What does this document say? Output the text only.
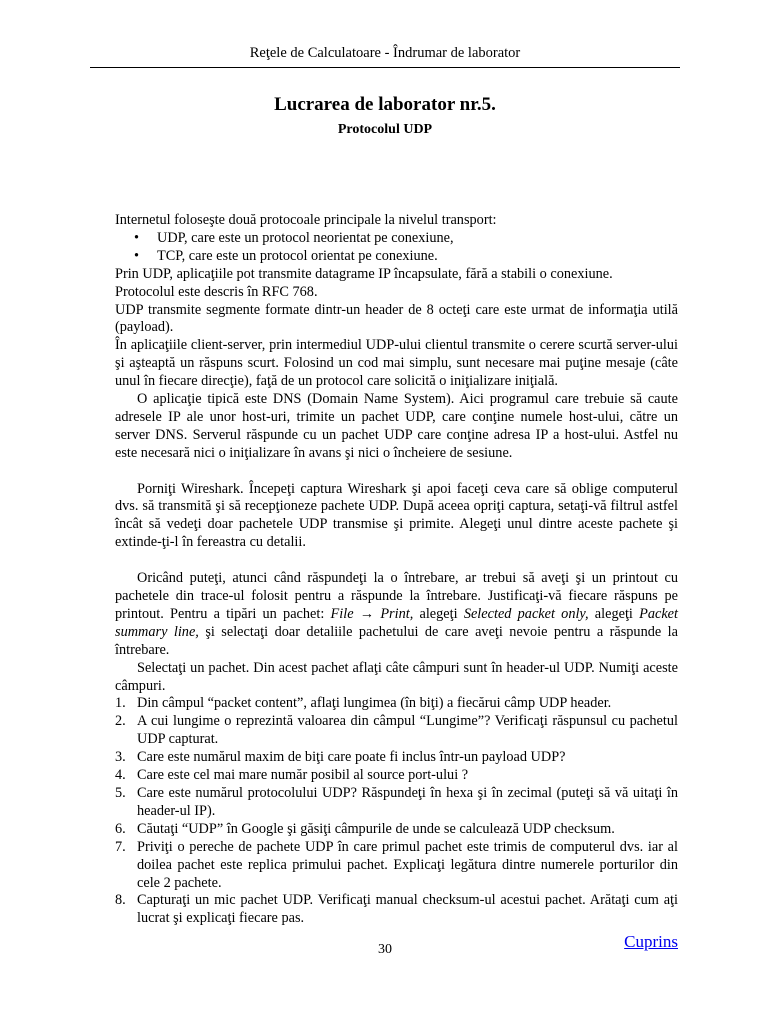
Reţele de Calculatoare - Îndrumar de laborator
Lucrarea de laborator nr.5.
Protocolul UDP

Internetul foloseşte două protocoale principale la nivelul transport:

• UDP, care este un protocol neorientat pe conexiune,
• TCP, care este un protocol orientat pe conexiune.

Prin UDP, aplicaţiile pot transmite datagrame IP încapsulate, fără a stabili o conexiune.

Protocolul este descris în RFC 768.

UDP transmite segmente formate dintr-un header de 8 octeţi care este urmat de informaţia utilă (payload).

În aplicaţiile client-server, prin intermediul UDP-ului clientul transmite o cerere scurtă server-ului şi aşteaptă un răspuns scurt. Folosind un cod mai simplu, sunt necesare mai puţine mesaje (câte unul în fiecare direcţie), faţă de un protocol care solicită o iniţializare iniţială.

O aplicaţie tipică este DNS (Domain Name System). Aici programul care trebuie să caute adresele IP ale unor host-uri, trimite un pachet UDP, care conţine numele host-ului, către un server DNS. Serverul răspunde cu un pachet UDP care conţine adresa IP a host-ului. Astfel nu este necesară nici o iniţializare în avans şi nici o încheiere de sesiune.

Porniţi Wireshark. Începeţi captura Wireshark şi apoi faceţi ceva care să oblige computerul dvs. să transmită şi să recepţioneze pachete UDP. După aceea opriţi captura, setaţi-vă filtrul astfel încât să vedeţi doar pachetele UDP transmise şi primite. Alegeţi unul dintre aceste pachete şi extinde-ţi-l în fereastra cu detalii.

Oricând puteţi, atunci când răspundeţi la o întrebare, ar trebui să aveţi şi un printout cu pachetele din trace-ul folosit pentru a răspunde la întrebare. Justificaţi-vă fiecare răspuns pe printout. Pentru a tipări un pachet: File → Print, alegeţi Selected packet only, alegeţi Packet summary line, şi selectaţi doar detaliile pachetului de care aveţi nevoie pentru a răspunde la întrebare.

Selectaţi un pachet. Din acest pachet aflaţi câte câmpuri sunt în header-ul UDP. Numiţi aceste câmpuri.

1. Din câmpul “packet content”, aflaţi lungimea (în biţi) a fiecărui câmp UDP header.
2. A cui lungime o reprezintă valoarea din câmpul “Lungime”? Verificaţi răspunsul cu pachetul UDP capturat.
3. Care este numărul maxim de biţi care poate fi inclus într-un payload UDP?
4. Care este cel mai mare număr posibil al source port-ului ?
5. Care este numărul protocolului UDP? Răspundeţi în hexa şi în zecimal (puteţi să vă uitaţi în header-ul IP).
6. Căutaţi “UDP” în Google şi găsiţi câmpurile de unde se calculează UDP checksum.
7. Priviţi o pereche de pachete UDP în care primul pachet este trimis de computerul dvs. iar al doilea pachet este replica primului pachet. Explicaţi legătura dintre numerele porturilor din cele 2 pachete.
8. Capturaţi un mic pachet UDP. Verificaţi manual checksum-ul acestui pachet. Arătaţi cum aţi lucrat şi explicaţi fiecare pas.
30	Cuprins
